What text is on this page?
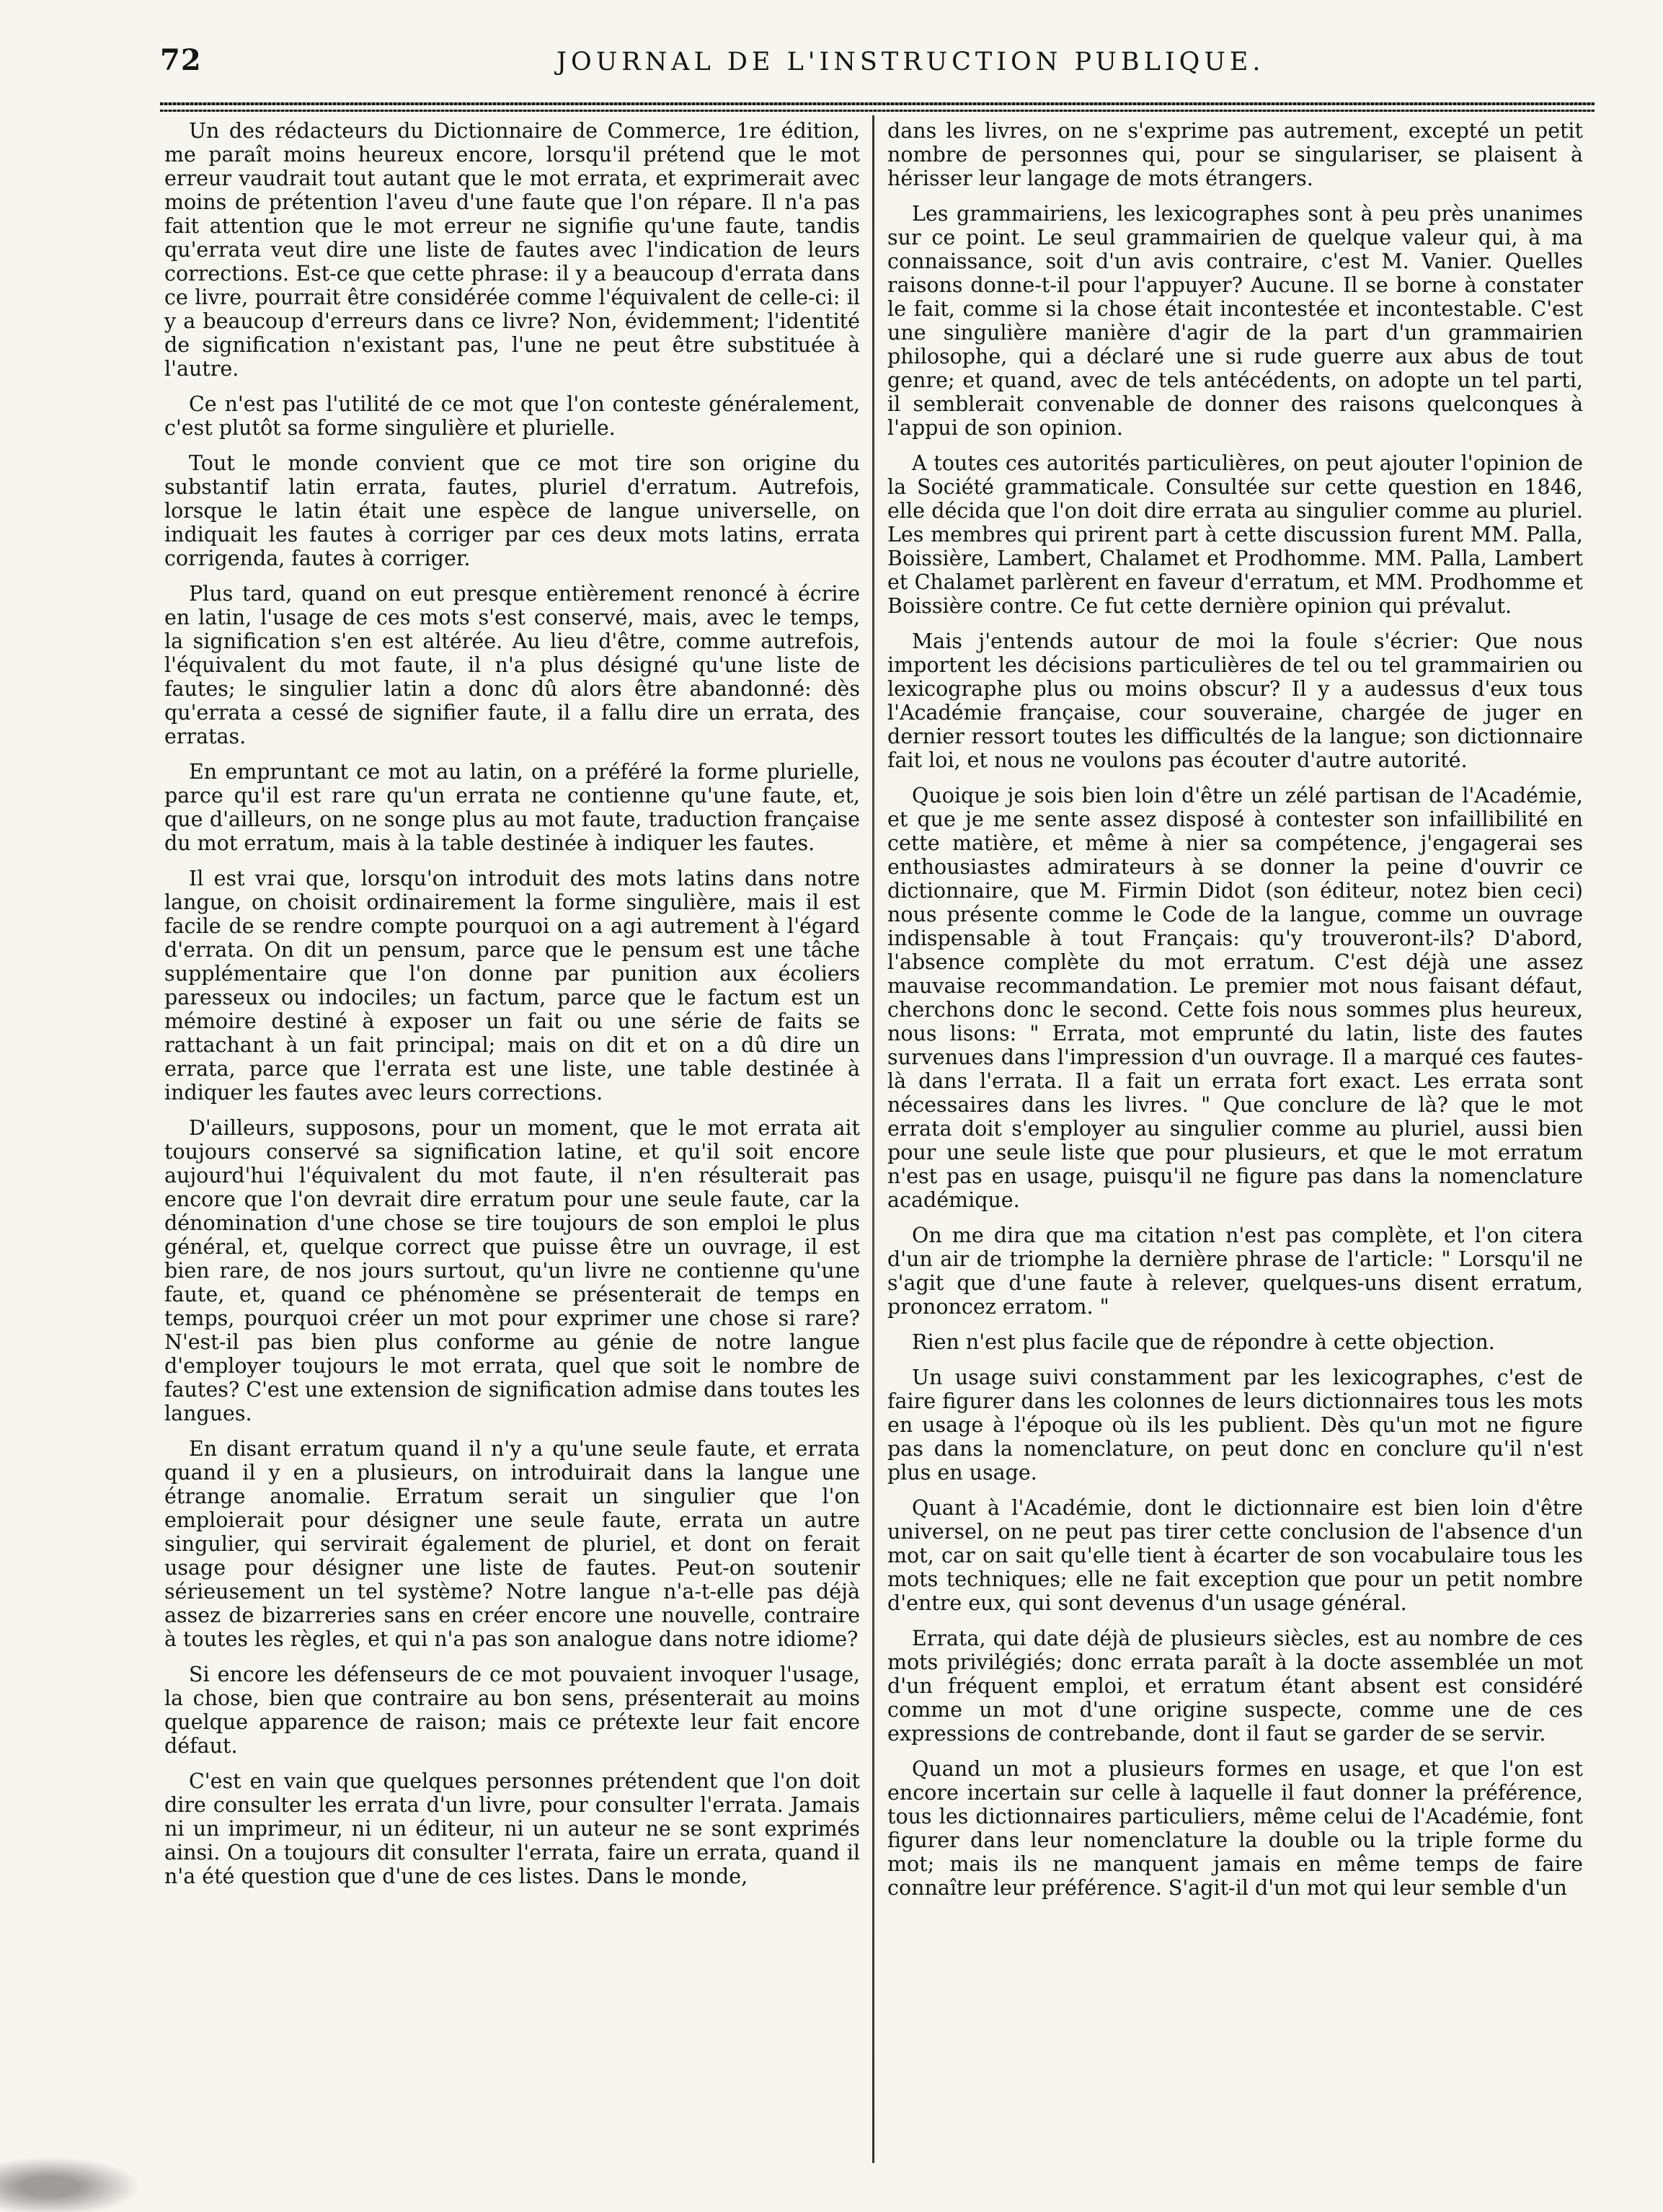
72	JOURNAL DE L'INSTRUCTION PUBLIQUE.

Un des rédacteurs du Dictionnaire de Commerce, 1re édition, me paraît moins heureux encore, lorsqu'il prétend que le mot erreur vaudrait tout autant que le mot errata, et exprimerait avec moins de prétention l'aveu d'une faute que l'on répare. Il n'a pas fait attention que le mot erreur ne signifie qu'une faute, tandis qu'errata veut dire une liste de fautes avec l'indication de leurs corrections. Est-ce que cette phrase: il y a beaucoup d'errata dans ce livre, pourrait être considérée comme l'équivalent de celle-ci: il y a beaucoup d'erreurs dans ce livre? Non, évidemment; l'identité de signification n'existant pas, l'une ne peut être substituée à l'autre.

Ce n'est pas l'utilité de ce mot que l'on conteste généralement, c'est plutôt sa forme singulière et plurielle.

Tout le monde convient que ce mot tire son origine du substantif latin errata, fautes, pluriel d'erratum. Autrefois, lorsque le latin était une espèce de langue universelle, on indiquait les fautes à corriger par ces deux mots latins, errata corrigenda, fautes à corriger.

Plus tard, quand on eut presque entièrement renoncé à écrire en latin, l'usage de ces mots s'est conservé, mais, avec le temps, la signification s'en est altérée. Au lieu d'être, comme autrefois, l'équivalent du mot faute, il n'a plus désigné qu'une liste de fautes; le singulier latin a donc dû alors être abandonné: dès qu'errata a cessé de signifier faute, il a fallu dire un errata, des erratas.

En empruntant ce mot au latin, on a préféré la forme plurielle, parce qu'il est rare qu'un errata ne contienne qu'une faute, et, que d'ailleurs, on ne songe plus au mot faute, traduction française du mot erratum, mais à la table destinée à indiquer les fautes.

Il est vrai que, lorsqu'on introduit des mots latins dans notre langue, on choisit ordinairement la forme singulière, mais il est facile de se rendre compte pourquoi on a agi autrement à l'égard d'errata. On dit un pensum, parce que le pensum est une tâche supplémentaire que l'on donne par punition aux écoliers paresseux ou indociles; un factum, parce que le factum est un mémoire destiné à exposer un fait ou une série de faits se rattachant à un fait principal; mais on dit et on a dû dire un errata, parce que l'errata est une liste, une table destinée à indiquer les fautes avec leurs corrections.

D'ailleurs, supposons, pour un moment, que le mot errata ait toujours conservé sa signification latine, et qu'il soit encore aujourd'hui l'équivalent du mot faute, il n'en résulterait pas encore que l'on devrait dire erratum pour une seule faute, car la dénomination d'une chose se tire toujours de son emploi le plus général, et, quelque correct que puisse être un ouvrage, il est bien rare, de nos jours surtout, qu'un livre ne contienne qu'une faute, et, quand ce phénomène se présenterait de temps en temps, pourquoi créer un mot pour exprimer une chose si rare? N'est-il pas bien plus conforme au génie de notre langue d'employer toujours le mot errata, quel que soit le nombre de fautes? C'est une extension de signification admise dans toutes les langues.

En disant erratum quand il n'y a qu'une seule faute, et errata quand il y en a plusieurs, on introduirait dans la langue une étrange anomalie. Erratum serait un singulier que l'on emploierait pour désigner une seule faute, errata un autre singulier, qui servirait également de pluriel, et dont on ferait usage pour désigner une liste de fautes. Peut-on soutenir sérieusement un tel système? Notre langue n'a-t-elle pas déjà assez de bizarreries sans en créer encore une nouvelle, contraire à toutes les règles, et qui n'a pas son analogue dans notre idiome?

Si encore les défenseurs de ce mot pouvaient invoquer l'usage, la chose, bien que contraire au bon sens, présenterait au moins quelque apparence de raison; mais ce prétexte leur fait encore défaut.

C'est en vain que quelques personnes prétendent que l'on doit dire consulter les errata d'un livre, pour consulter l'errata. Jamais ni un imprimeur, ni un éditeur, ni un auteur ne se sont exprimés ainsi. On a toujours dit consulter l'errata, faire un errata, quand il n'a été question que d'une de ces listes. Dans le monde,

dans les livres, on ne s'exprime pas autrement, excepté un petit nombre de personnes qui, pour se singulariser, se plaisent à hérisser leur langage de mots étrangers.

Les grammairiens, les lexicographes sont à peu près unanimes sur ce point. Le seul grammairien de quelque valeur qui, à ma connaissance, soit d'un avis contraire, c'est M. Vanier. Quelles raisons donne-t-il pour l'appuyer? Aucune. Il se borne à constater le fait, comme si la chose était incontestée et incontestable. C'est une singulière manière d'agir de la part d'un grammairien philosophe, qui a déclaré une si rude guerre aux abus de tout genre; et quand, avec de tels antécédents, on adopte un tel parti, il semblerait convenable de donner des raisons quelconques à l'appui de son opinion.

A toutes ces autorités particulières, on peut ajouter l'opinion de la Société grammaticale. Consultée sur cette question en 1846, elle décida que l'on doit dire errata au singulier comme au pluriel. Les membres qui prirent part à cette discussion furent MM. Palla, Boissière, Lambert, Chalamet et Prodhomme. MM. Palla, Lambert et Chalamet parlèrent en faveur d'erratum, et MM. Prodhomme et Boissière contre. Ce fut cette dernière opinion qui prévalut.

Mais j'entends autour de moi la foule s'écrier: Que nous importent les décisions particulières de tel ou tel grammairien ou lexicographe plus ou moins obscur? Il y a audessus d'eux tous l'Académie française, cour souveraine, chargée de juger en dernier ressort toutes les difficultés de la langue; son dictionnaire fait loi, et nous ne voulons pas écouter d'autre autorité.

Quoique je sois bien loin d'être un zélé partisan de l'Académie, et que je me sente assez disposé à contester son infaillibilité en cette matière, et même à nier sa compétence, j'engagerai ses enthousiastes admirateurs à se donner la peine d'ouvrir ce dictionnaire, que M. Firmin Didot (son éditeur, notez bien ceci) nous présente comme le Code de la langue, comme un ouvrage indispensable à tout Français: qu'y trouveront-ils? D'abord, l'absence complète du mot erratum. C'est déjà une assez mauvaise recommandation. Le premier mot nous faisant défaut, cherchons donc le second. Cette fois nous sommes plus heureux, nous lisons: " Errata, mot emprunté du latin, liste des fautes survenues dans l'impression d'un ouvrage. Il a marqué ces fautes-là dans l'errata. Il a fait un errata fort exact. Les errata sont nécessaires dans les livres. " Que conclure de là? que le mot errata doit s'employer au singulier comme au pluriel, aussi bien pour une seule liste que pour plusieurs, et que le mot erratum n'est pas en usage, puisqu'il ne figure pas dans la nomenclature académique.

On me dira que ma citation n'est pas complète, et l'on citera d'un air de triomphe la dernière phrase de l'article: " Lorsqu'il ne s'agit que d'une faute à relever, quelques-uns disent erratum, prononcez erratom. "

Rien n'est plus facile que de répondre à cette objection.

Un usage suivi constamment par les lexicographes, c'est de faire figurer dans les colonnes de leurs dictionnaires tous les mots en usage à l'époque où ils les publient. Dès qu'un mot ne figure pas dans la nomenclature, on peut donc en conclure qu'il n'est plus en usage.

Quant à l'Académie, dont le dictionnaire est bien loin d'être universel, on ne peut pas tirer cette conclusion de l'absence d'un mot, car on sait qu'elle tient à écarter de son vocabulaire tous les mots techniques; elle ne fait exception que pour un petit nombre d'entre eux, qui sont devenus d'un usage général.

Errata, qui date déjà de plusieurs siècles, est au nombre de ces mots privilégiés; donc errata paraît à la docte assemblée un mot d'un fréquent emploi, et erratum étant absent est considéré comme un mot d'une origine suspecte, comme une de ces expressions de contrebande, dont il faut se garder de se servir.

Quand un mot a plusieurs formes en usage, et que l'on est encore incertain sur celle à laquelle il faut donner la préférence, tous les dictionnaires particuliers, même celui de l'Académie, font figurer dans leur nomenclature la double ou la triple forme du mot; mais ils ne manquent jamais en même temps de faire connaître leur préférence. S'agit-il d'un mot qui leur semble d'un
